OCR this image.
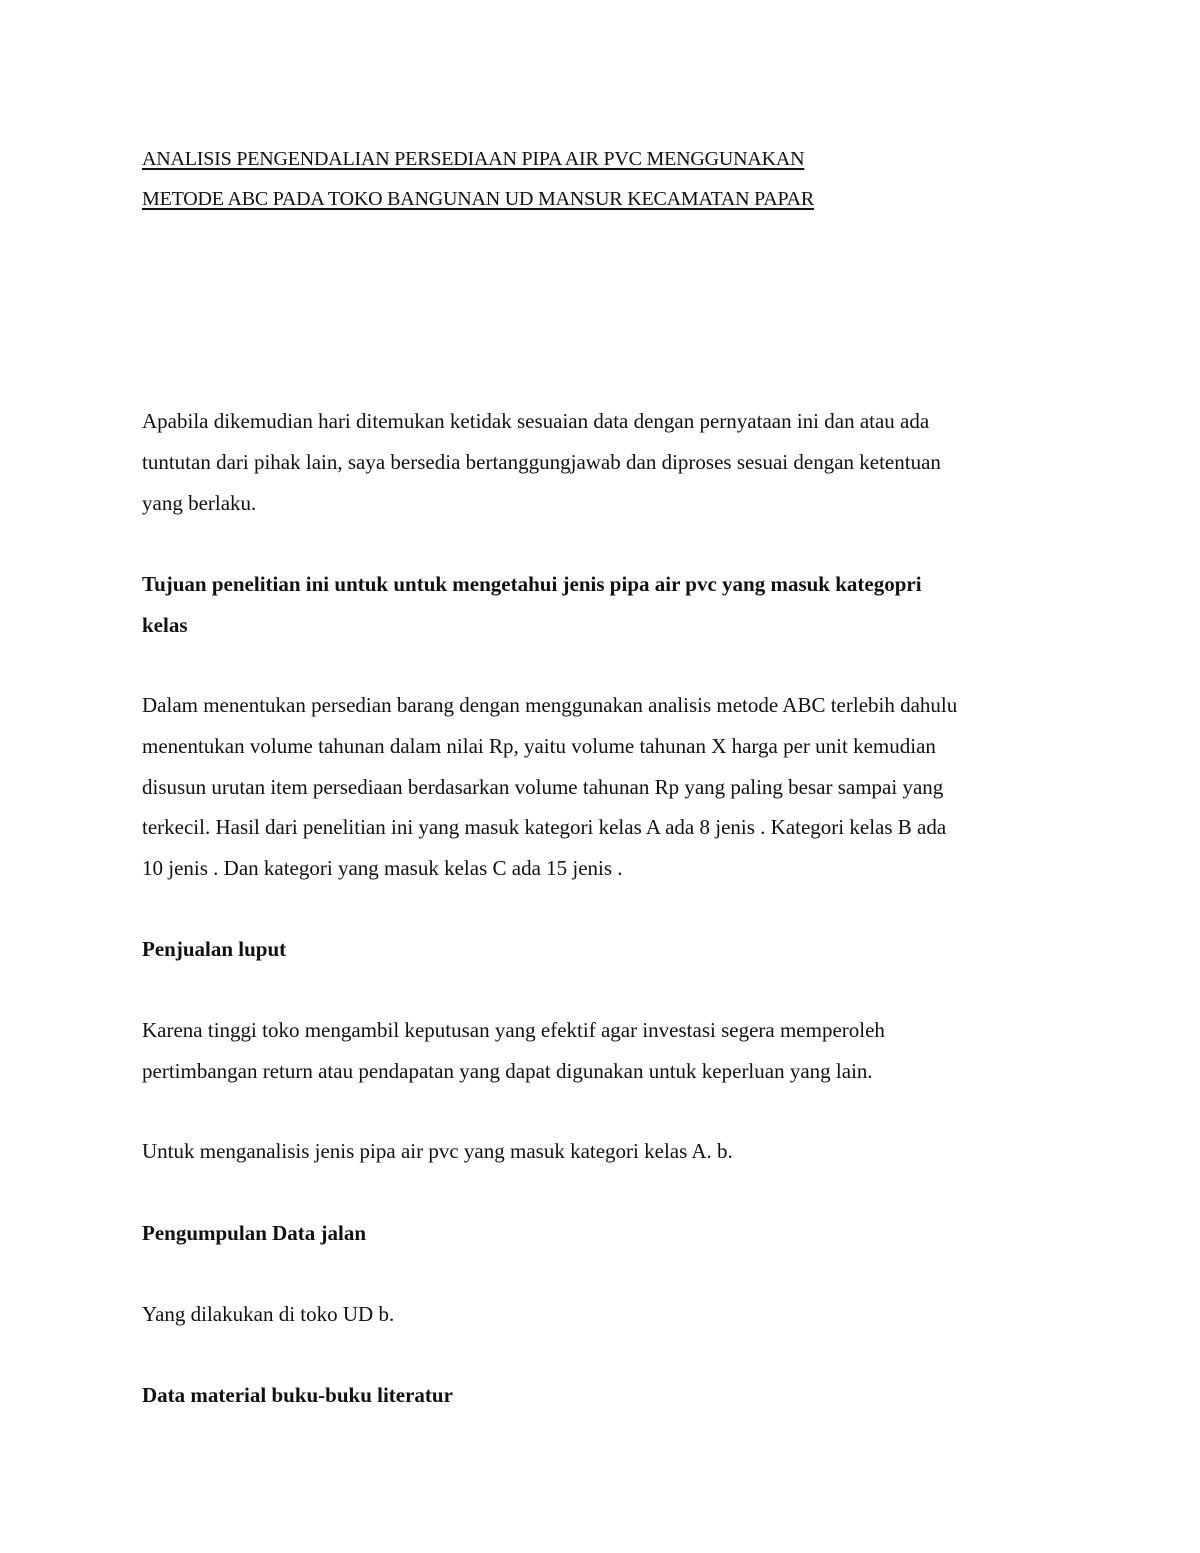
ANALISIS PENGENDALIAN PERSEDIAAN PIPA AIR PVC MENGGUNAKAN
METODE ABC PADA TOKO BANGUNAN UD MANSUR KECAMATAN PAPAR

Apabila dikemudian hari ditemukan ketidak sesuaian data dengan pernyataan ini dan atau ada
tuntutan dari pihak lain, saya bersedia bertanggungjawab dan diproses sesuai dengan ketentuan
yang berlaku.

Tujuan penelitian ini untuk untuk mengetahui jenis pipa air pvc yang masuk kategopri
kelas

Dalam menentukan persedian barang dengan menggunakan analisis metode ABC terlebih dahulu
menentukan volume tahunan dalam nilai Rp, yaitu volume tahunan X harga per unit kemudian
disusun urutan item persediaan berdasarkan volume tahunan Rp yang paling besar sampai yang
terkecil. Hasil dari penelitian ini yang masuk kategori kelas A ada 8 jenis . Kategori kelas B ada
10 jenis . Dan kategori yang masuk kelas C ada 15 jenis .

Penjualan luput

Karena tinggi toko mengambil keputusan yang efektif agar investasi segera memperoleh
pertimbangan return atau pendapatan yang dapat digunakan untuk keperluan yang lain.

Untuk menganalisis jenis pipa air pvc yang masuk kategori kelas A. b.

Pengumpulan Data jalan

Yang dilakukan di toko UD b.

Data material buku-buku literatur
